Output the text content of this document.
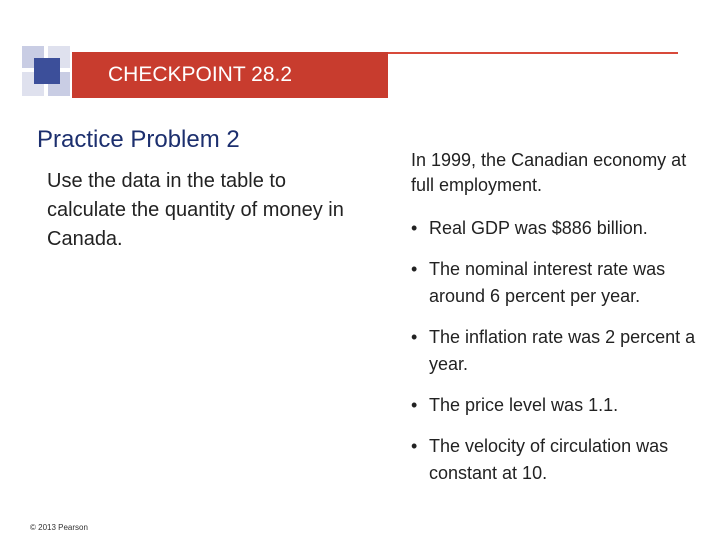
CHECKPOINT 28.2
Practice Problem 2
Use the data in the table to calculate the quantity of money in Canada.

In 1999, the Canadian economy at full employment.

• Real GDP was $886 billion.
• The nominal interest rate was around 6 percent per year.
• The inflation rate was 2 percent a year.
• The price level was 1.1.
• The velocity of circulation was constant at 10.
© 2013 Pearson
